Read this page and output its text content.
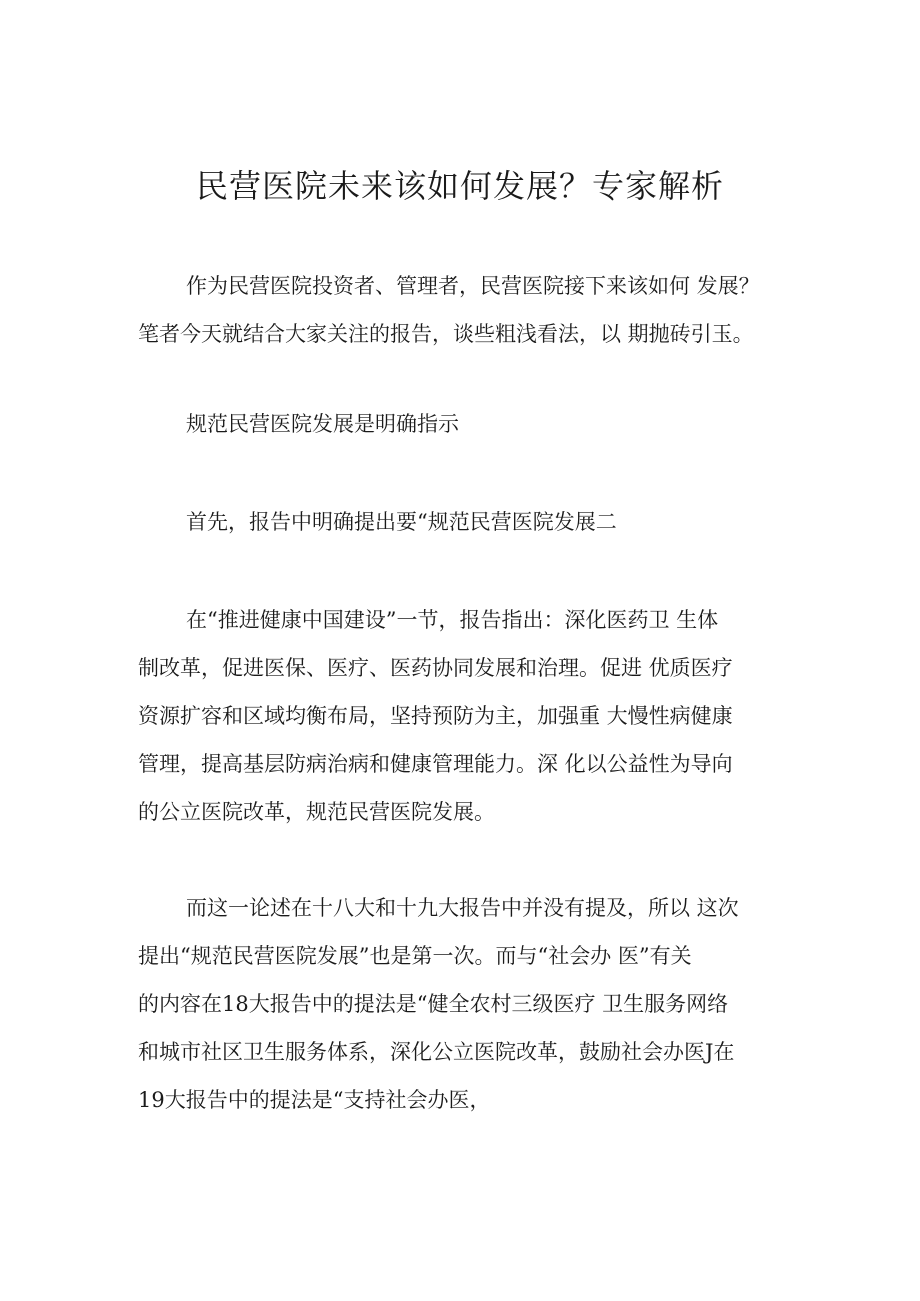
民营医院未来该如何发展？专家解析
作为民营医院投资者、管理者，民营医院接下来该如何 发展？
笔者今天就结合大家关注的报告，谈些粗浅看法，以 期抛砖引玉。

规范民营医院发展是明确指示

首先，报告中明确提出要“规范民营医院发展二

在“推进健康中国建设”一节，报告指出：深化医药卫 生体
制改革，促进医保、医疗、医药协同发展和治理。促进 优质医疗
资源扩容和区域均衡布局，坚持预防为主，加强重 大慢性病健康
管理，提高基层防病治病和健康管理能力。深 化以公益性为导向
的公立医院改革，规范民营医院发展。
而这一论述在十八大和十九大报告中并没有提及，所以 这次
提出“规范民营医院发展”也是第一次。而与“社会办 医”有关
的内容在18大报告中的提法是“健全农村三级医疗 卫生服务网络
和城市社区卫生服务体系，深化公立医院改革，鼓励社会办医J在
19大报告中的提法是“支持社会办医，
